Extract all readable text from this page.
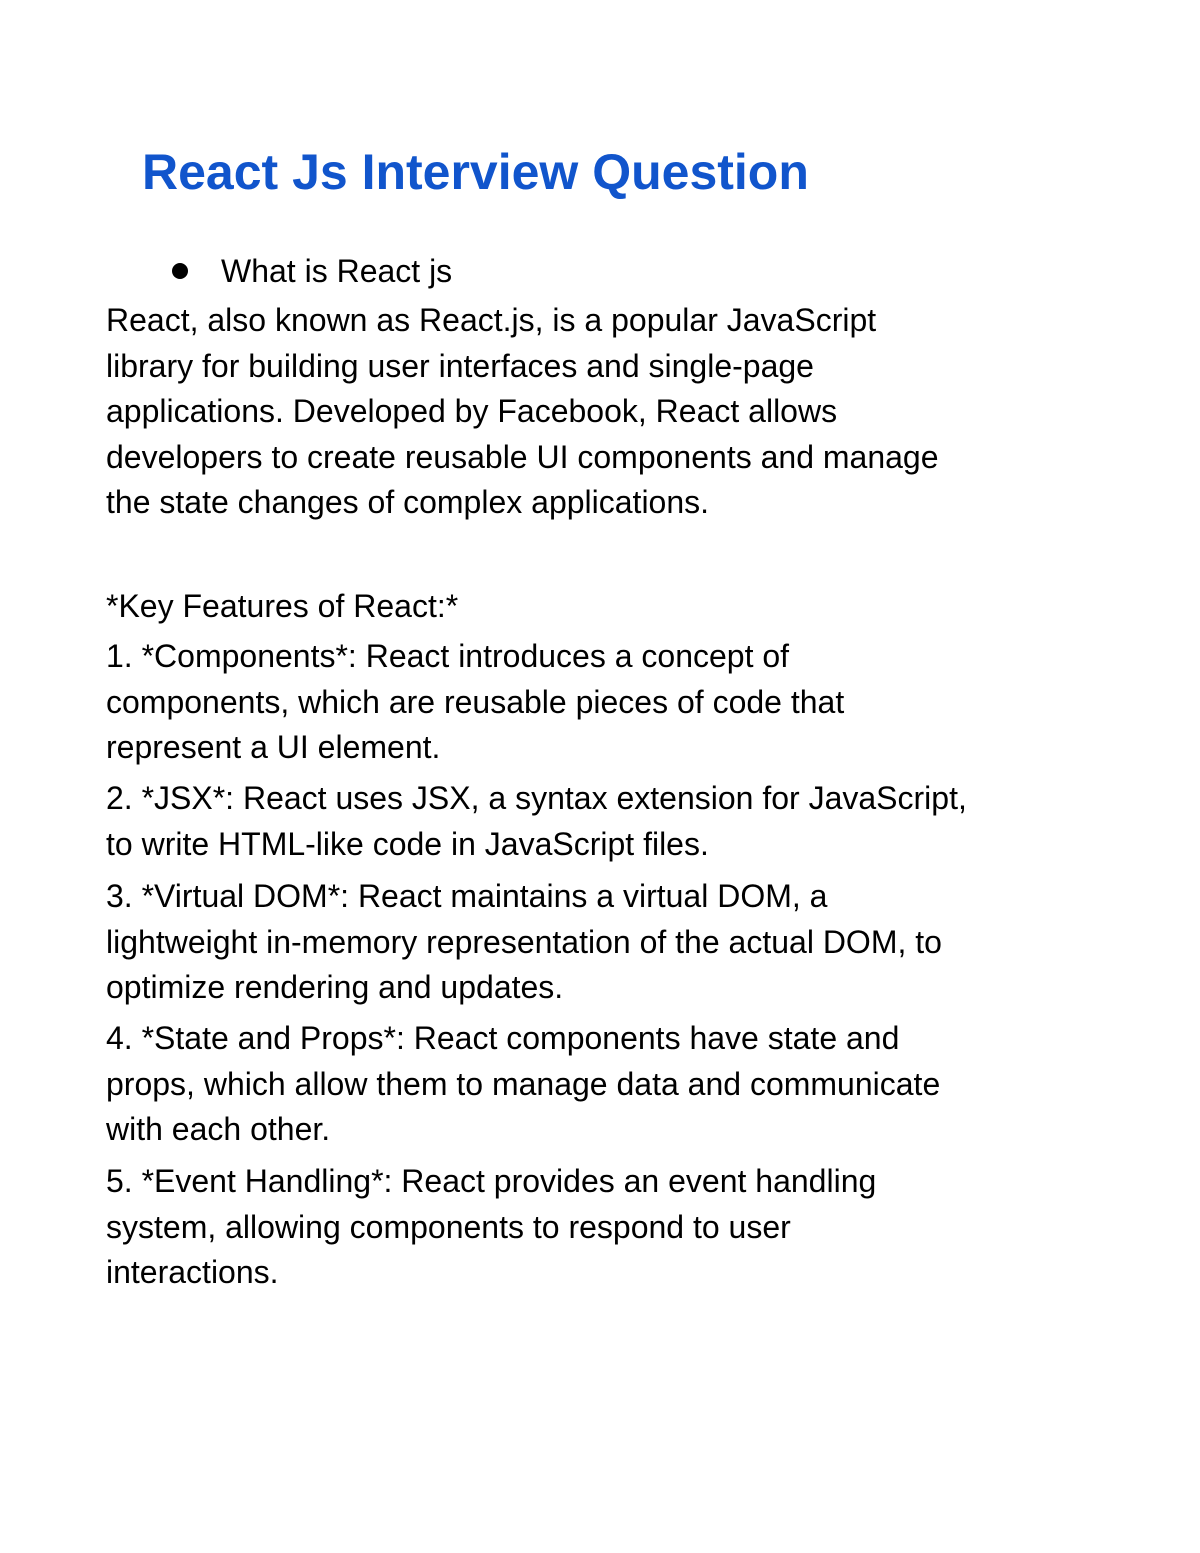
React Js Interview Question
What is React js

React, also known as React.js, is a popular JavaScript
library for building user interfaces and single-page
applications. Developed by Facebook, React allows
developers to create reusable UI components and manage
the state changes of complex applications.

*Key Features of React:*

1. *Components*: React introduces a concept of
components, which are reusable pieces of code that
represent a UI element.

2. *JSX*: React uses JSX, a syntax extension for JavaScript,
to write HTML-like code in JavaScript files.

3. *Virtual DOM*: React maintains a virtual DOM, a
lightweight in-memory representation of the actual DOM, to
optimize rendering and updates.

4. *State and Props*: React components have state and
props, which allow them to manage data and communicate
with each other.

5. *Event Handling*: React provides an event handling
system, allowing components to respond to user
interactions.
